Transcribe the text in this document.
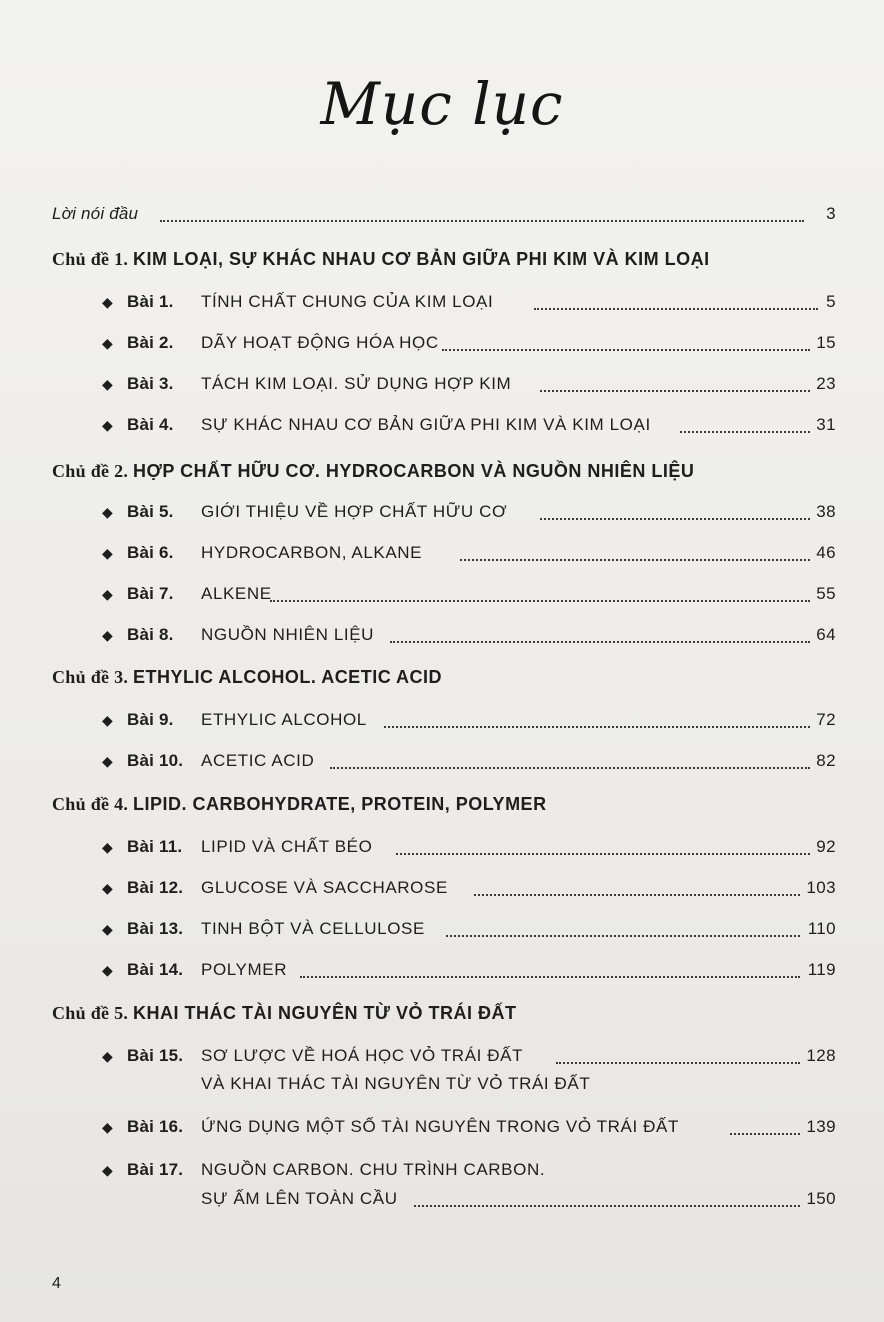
Mục lục
Lời nói đầu	3
Chủ đề 1. KIM LOẠI, SỰ KHÁC NHAU CƠ BẢN GIỮA PHI KIM VÀ KIM LOẠI
◆ Bài 1. TÍNH CHẤT CHUNG CỦA KIM LOẠI	5
◆ Bài 2. DÃY HOẠT ĐỘNG HÓA HỌC	15
◆ Bài 3. TÁCH KIM LOẠI. SỬ DỤNG HỢP KIM	23
◆ Bài 4. SỰ KHÁC NHAU CƠ BẢN GIỮA PHI KIM VÀ KIM LOẠI	31
Chủ đề 2. HỢP CHẤT HỮU CƠ. HYDROCARBON VÀ NGUỒN NHIÊN LIỆU
◆ Bài 5. GIỚI THIỆU VỀ HỢP CHẤT HỮU CƠ	38
◆ Bài 6. HYDROCARBON, ALKANE	46
◆ Bài 7. ALKENE	55
◆ Bài 8. NGUỒN NHIÊN LIỆU	64
Chủ đề 3. ETHYLIC ALCOHOL. ACETIC ACID
◆ Bài 9. ETHYLIC ALCOHOL	72
◆ Bài 10. ACETIC ACID	82
Chủ đề 4. LIPID. CARBOHYDRATE, PROTEIN, POLYMER
◆ Bài 11. LIPID VÀ CHẤT BÉO	92
◆ Bài 12. GLUCOSE VÀ SACCHAROSE	103
◆ Bài 13. TINH BỘT VÀ CELLULOSE	110
◆ Bài 14. POLYMER	119
Chủ đề 5. KHAI THÁC TÀI NGUYÊN TỪ VỎ TRÁI ĐẤT
◆ Bài 15. SƠ LƯỢC VỀ HOÁ HỌC VỎ TRÁI ĐẤT	128
VÀ KHAI THÁC TÀI NGUYÊN TỪ VỎ TRÁI ĐẤT
◆ Bài 16. ỨNG DỤNG MỘT SỐ TÀI NGUYÊN TRONG VỎ TRÁI ĐẤT	139
◆ Bài 17. NGUỒN CARBON. CHU TRÌNH CARBON.
SỰ ẤM LÊN TOÀN CẦU	150
4
